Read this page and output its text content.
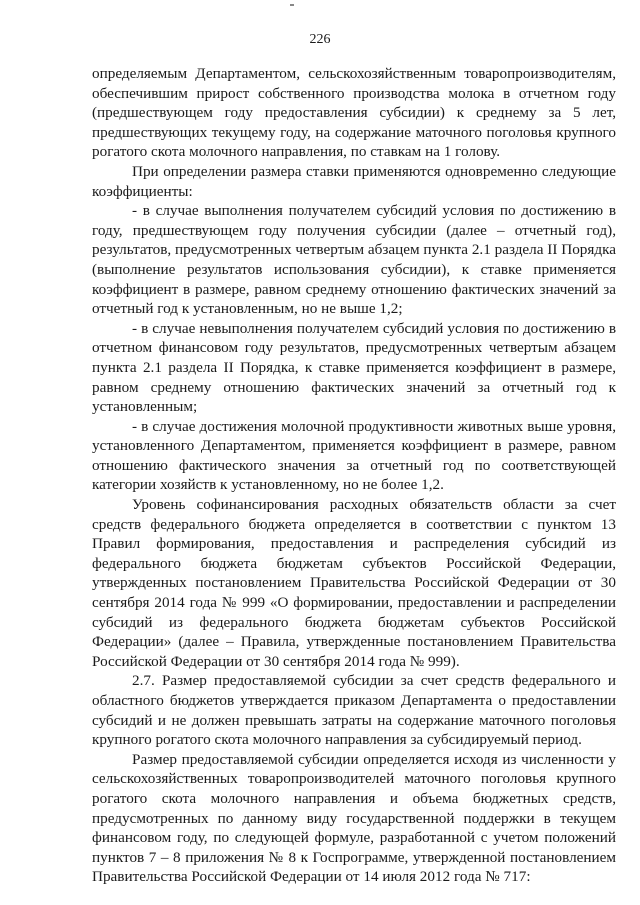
226

определяемым Департаментом, сельскохозяйственным товаропроизводителям, обеспечившим прирост собственного производства молока в отчетном году (предшествующем году предоставления субсидии) к среднему за 5 лет, предшествующих текущему году, на содержание маточного поголовья крупного рогатого скота молочного направления, по ставкам на 1 голову.

При определении размера ставки применяются одновременно следующие коэффициенты:

- в случае выполнения получателем субсидий условия по достижению в году, предшествующем году получения субсидии (далее – отчетный год), результатов, предусмотренных четвертым абзацем пункта 2.1 раздела II Порядка (выполнение результатов использования субсидии), к ставке применяется коэффициент в размере, равном среднему отношению фактических значений за отчетный год к установленным, но не выше 1,2;

- в случае невыполнения получателем субсидий условия по достижению в отчетном финансовом году результатов, предусмотренных четвертым абзацем пункта 2.1 раздела II Порядка, к ставке применяется коэффициент в размере, равном среднему отношению фактических значений за отчетный год к установленным;

- в случае достижения молочной продуктивности животных выше уровня, установленного Департаментом, применяется коэффициент в размере, равном отношению фактического значения за отчетный год по соответствующей категории хозяйств к установленному, но не более 1,2.

Уровень софинансирования расходных обязательств области за счет средств федерального бюджета определяется в соответствии с пунктом 13 Правил формирования, предоставления и распределения субсидий из федерального бюджета бюджетам субъектов Российской Федерации, утвержденных постановлением Правительства Российской Федерации от 30 сентября 2014 года № 999 «О формировании, предоставлении и распределении субсидий из федерального бюджета бюджетам субъектов Российской Федерации» (далее – Правила, утвержденные постановлением Правительства Российской Федерации от 30 сентября 2014 года № 999).

2.7. Размер предоставляемой субсидии за счет средств федерального и областного бюджетов утверждается приказом Департамента о предоставлении субсидий и не должен превышать затраты на содержание маточного поголовья крупного рогатого скота молочного направления за субсидируемый период.

Размер предоставляемой субсидии определяется исходя из численности у сельскохозяйственных товаропроизводителей маточного поголовья крупного рогатого скота молочного направления и объема бюджетных средств, предусмотренных по данному виду государственной поддержки в текущем финансовом году, по следующей формуле, разработанной с учетом положений пунктов 7 – 8 приложения № 8 к Госпрограмме, утвержденной постановлением Правительства Российской Федерации от 14 июля 2012 года № 717:
